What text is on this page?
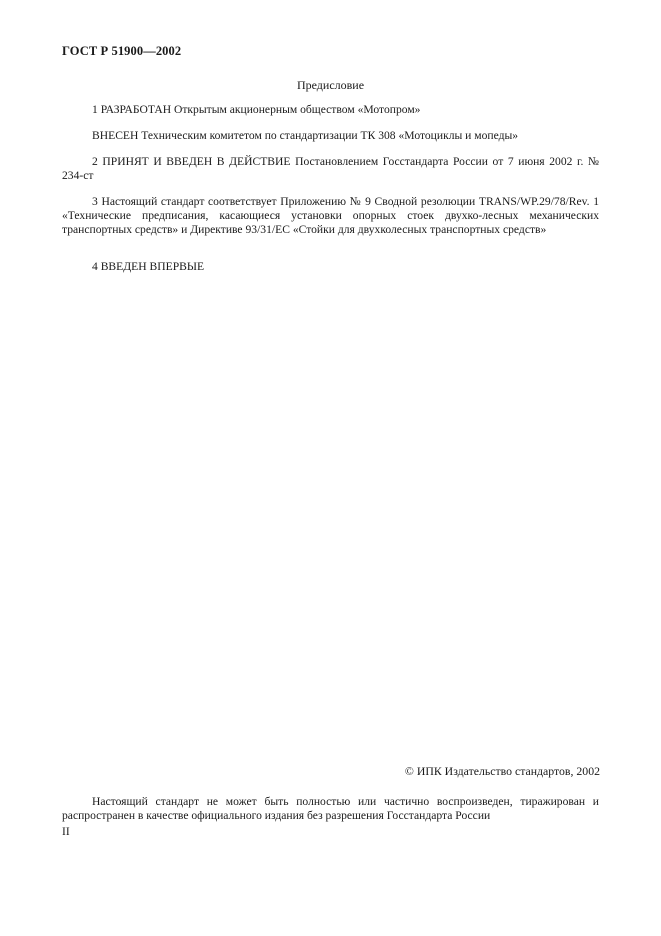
ГОСТ Р 51900—2002
Предисловие
1 РАЗРАБОТАН Открытым акционерным обществом «Мотопром»
ВНЕСЕН Техническим комитетом по стандартизации ТК 308 «Мотоциклы и мопеды»
2 ПРИНЯТ И ВВЕДЕН В ДЕЙСТВИЕ Постановлением Госстандарта России от 7 июня 2002 г. № 234-ст
3 Настоящий стандарт соответствует Приложению № 9 Сводной резолюции TRANS/WP.29/78/Rev. 1 «Технические предписания, касающиеся установки опорных стоек двухко-лесных механических транспортных средств» и Директиве 93/31/ЕС «Стойки для двухколесных транспортных средств»
4 ВВЕДЕН ВПЕРВЫЕ
© ИПК Издательство стандартов, 2002
Настоящий стандарт не может быть полностью или частично воспроизведен, тиражирован и распространен в качестве официального издания без разрешения Госстандарта России
II
